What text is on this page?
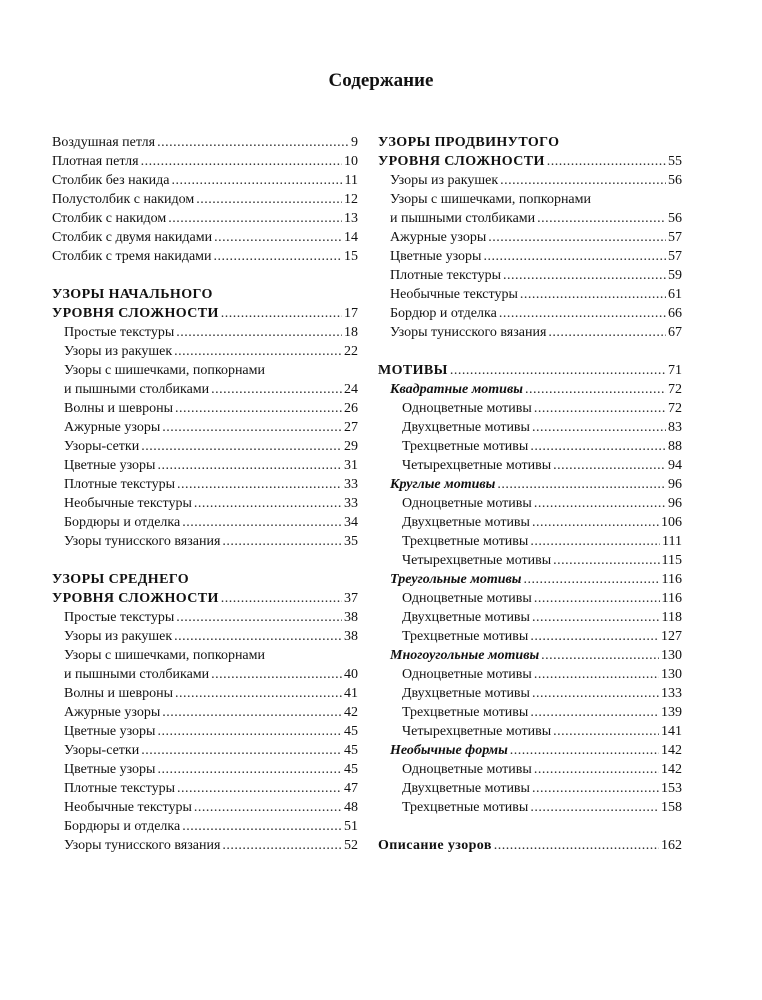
Содержание
Воздушная петля .....	9
Плотная петля .....	10
Столбик без накида .....	11
Полустолбик с накидом .....	12
Столбик с накидом .....	13
Столбик с двумя накидами .....	14
Столбик с тремя накидами .....	15
УЗОРЫ НАЧАЛЬНОГО
УРОВНЯ СЛОЖНОСТИ .....	17
Простые текстуры .....	18
Узоры из ракушек .....	22
Узоры с шишечками, попкорнами
и пышными столбиками .....	24
Волны и шевроны .....	26
Ажурные узоры .....	27
Узоры-сетки .....	29
Цветные узоры .....	31
Плотные текстуры .....	33
Необычные текстуры .....	33
Бордюры и отделка .....	34
Узоры тунисского вязания .....	35
УЗОРЫ СРЕДНЕГО
УРОВНЯ СЛОЖНОСТИ .....	37
Простые текстуры .....	38
Узоры из ракушек .....	38
Узоры с шишечками, попкорнами
и пышными столбиками .....	40
Волны и шевроны .....	41
Ажурные узоры .....	42
Цветные узоры .....	45
Узоры-сетки .....	45
Цветные узоры .....	45
Плотные текстуры .....	47
Необычные текстуры .....	48
Бордюры и отделка .....	51
Узоры тунисского вязания .....	52
УЗОРЫ ПРОДВИНУТОГО
УРОВНЯ СЛОЖНОСТИ .....	55
Узоры из ракушек .....	56
Узоры с шишечками, попкорнами
и пышными столбиками .....	56
Ажурные узоры .....	57
Цветные узоры .....	57
Плотные текстуры .....	59
Необычные текстуры .....	61
Бордюр и отделка .....	66
Узоры тунисского вязания .....	67
МОТИВЫ .....	71
Квадратные мотивы .....	72
Одноцветные мотивы .....	72
Двухцветные мотивы .....	83
Трехцветные мотивы .....	88
Четырехцветные мотивы .....	94
Круглые мотивы .....	96
Одноцветные мотивы .....	96
Двухцветные мотивы .....	106
Трехцветные мотивы .....	111
Четырехцветные мотивы .....	115
Треугольные мотивы .....	116
Одноцветные мотивы .....	116
Двухцветные мотивы .....	118
Трехцветные мотивы .....	127
Многоугольные мотивы .....	130
Одноцветные мотивы .....	130
Двухцветные мотивы .....	133
Трехцветные мотивы .....	139
Четырехцветные мотивы .....	141
Необычные формы .....	142
Одноцветные мотивы .....	142
Двухцветные мотивы .....	153
Трехцветные мотивы .....	158
Описание узоров .....	162
